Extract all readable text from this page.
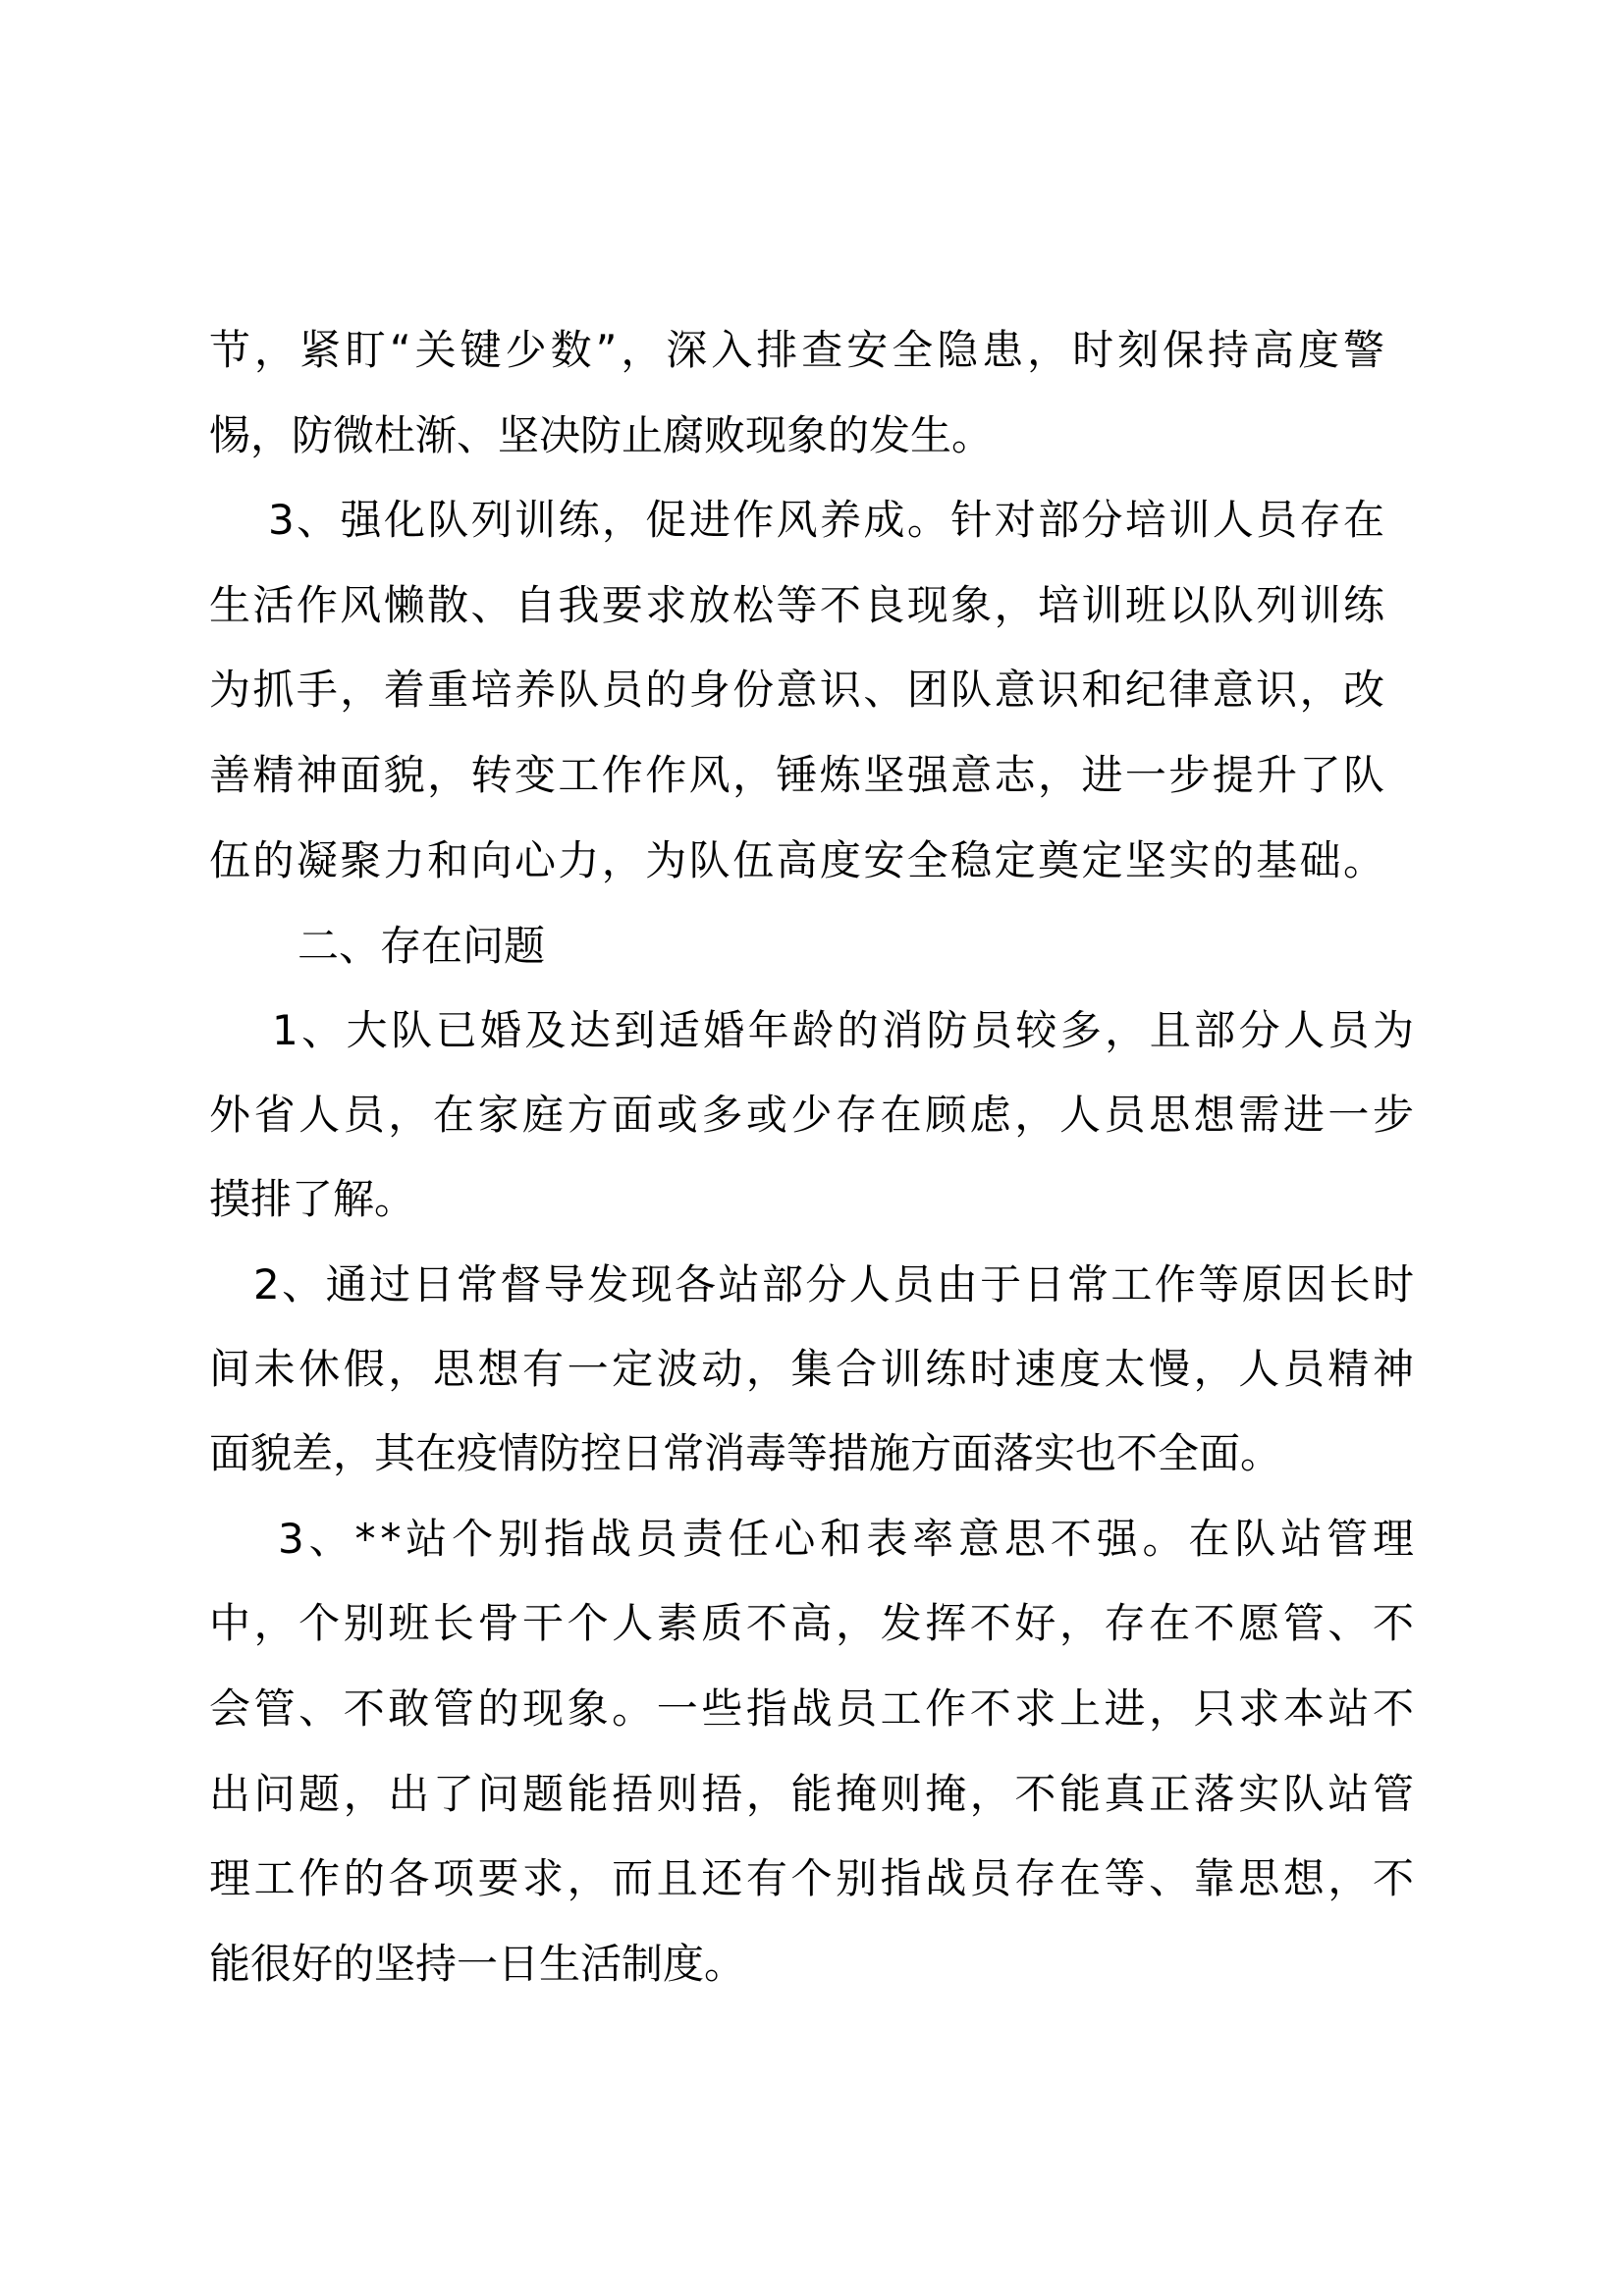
节，紧盯“关键少数”，深入排查安全隐患，时刻保持高度警
惕，防微杜渐、坚决防止腐败现象的发生。
3、强化队列训练，促进作风养成。针对部分培训人员存在
生活作风懒散、自我要求放松等不良现象，培训班以队列训练
为抓手，着重培养队员的身份意识、团队意识和纪律意识，改
善精神面貌，转变工作作风，锤炼坚强意志，进一步提升了队
伍的凝聚力和向心力，为队伍高度安全稳定奠定坚实的基础。
二、存在问题
1、大队已婚及达到适婚年龄的消防员较多，且部分人员为
外省人员，在家庭方面或多或少存在顾虑，人员思想需进一步
摸排了解。
2、通过日常督导发现各站部分人员由于日常工作等原因长时
间未休假，思想有一定波动，集合训练时速度太慢，人员精神
面貌差，其在疫情防控日常消毒等措施方面落实也不全面。
3、**站个别指战员责任心和表率意思不强。在队站管理
中，个别班长骨干个人素质不高，发挥不好，存在不愿管、不
会管、不敢管的现象。一些指战员工作不求上进，只求本站不
出问题，出了问题能捂则捂，能掩则掩，不能真正落实队站管
理工作的各项要求，而且还有个别指战员存在等、靠思想，不
能很好的坚持一日生活制度。
